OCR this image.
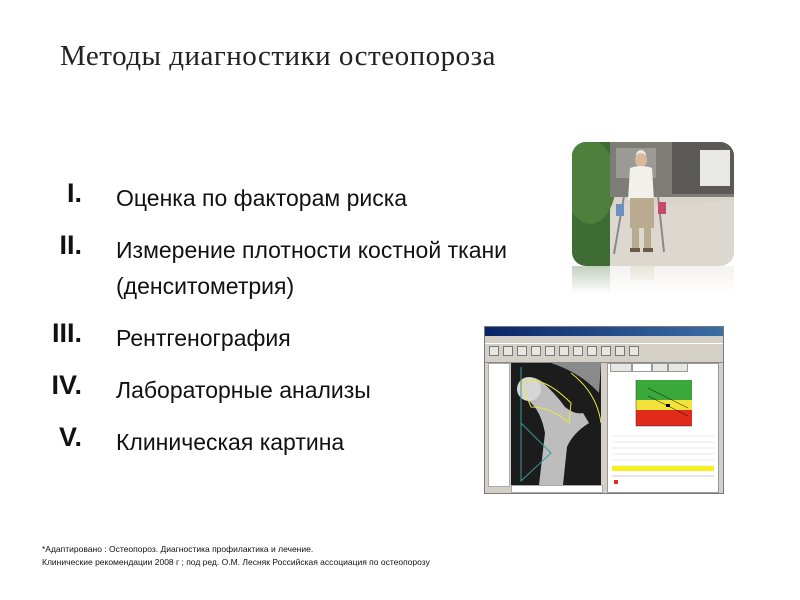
Методы диагностики остеопороза
I. Оценка по факторам риска
II. Измерение плотности костной ткани (денситометрия)
III. Рентгенография
IV. Лабораторные анализы
V. Клиническая картина
*Адаптировано : Остеопороз. Диагностика профилактика и лечение.
Клинические рекомендации 2008 г ; под ред. О.М. Лесняк Российская ассоциация по остеопорозу
